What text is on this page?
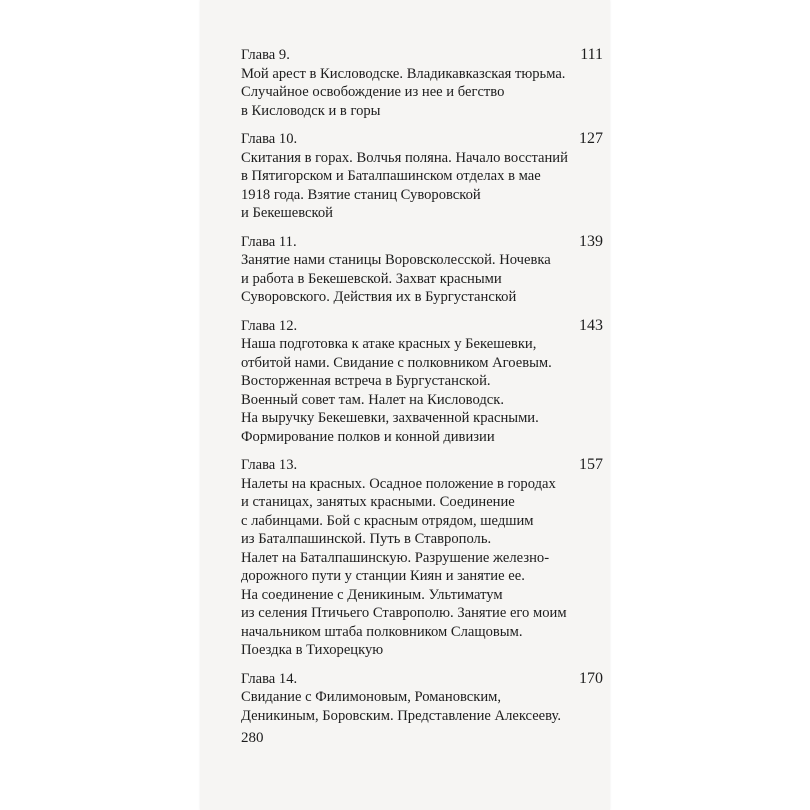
Глава 9.	111
Мой арест в Кисловодске. Владикавказская тюрьма.
Случайное освобождение из нее и бегство
в Кисловодск и в горы
Глава 10.	127
Скитания в горах. Волчья поляна. Начало восстаний
в Пятигорском и Баталпашинском отделах в мае
1918 года. Взятие станиц Суворовской
и Бекешевской
Глава 11.	139
Занятие нами станицы Воровсколесской. Ночевка
и работа в Бекешевской. Захват красными
Суворовского. Действия их в Бургустанской
Глава 12.	143
Наша подготовка к атаке красных у Бекешевки,
отбитой нами. Свидание с полковником Агоевым.
Восторженная встреча в Бургустанской.
Военный совет там. Налет на Кисловодск.
На выручку Бекешевки, захваченной красными.
Формирование полков и конной дивизии
Глава 13.	157
Налеты на красных. Осадное положение в городах
и станицах, занятых красными. Соединение
с лабинцами. Бой с красным отрядом, шедшим
из Баталпашинской. Путь в Ставрополь.
Налет на Баталпашинскую. Разрушение железно-
дорожного пути у станции Киян и занятие ее.
На соединение с Деникиным. Ультиматум
из селения Птичьего Ставрополю. Занятие его моим
начальником штаба полковником Слащовым.
Поездка в Тихорецкую
Глава 14.	170
Свидание с Филимоновым, Романовским,
Деникиным, Боровским. Представление Алексееву.
280
